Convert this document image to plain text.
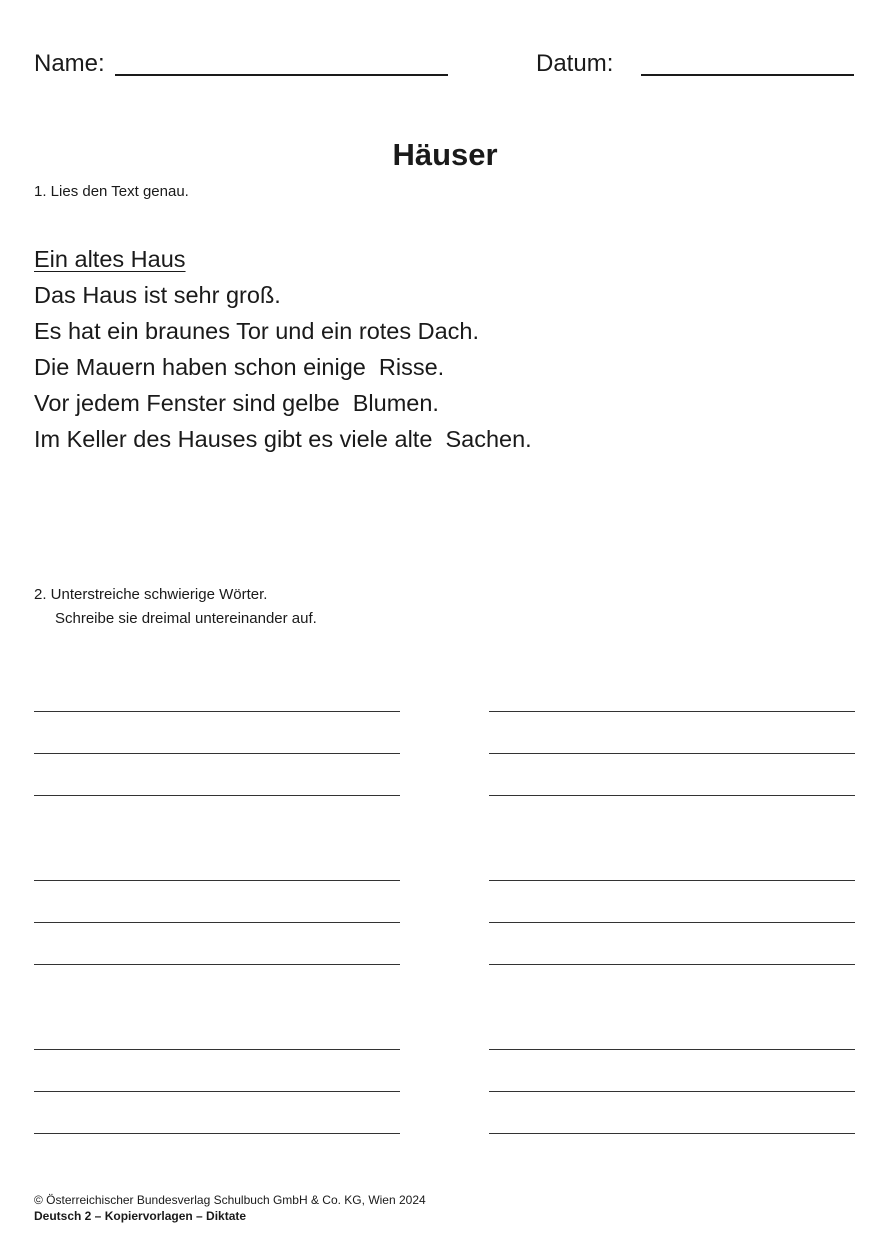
Name:	Datum:
Häuser
1. Lies den Text genau.
Ein altes Haus
Das Haus ist sehr groß.
Es hat ein braunes Tor und ein rotes Dach.
Die Mauern haben schon einige  Risse.
Vor jedem Fenster sind gelbe  Blumen.
Im Keller des Hauses gibt es viele alte  Sachen.
2. Unterstreiche schwierige Wörter.
Schreibe sie dreimal untereinander auf.
© Österreichischer Bundesverlag Schulbuch GmbH & Co. KG, Wien 2024
Deutsch 2 – Kopiervorlagen – Diktate
